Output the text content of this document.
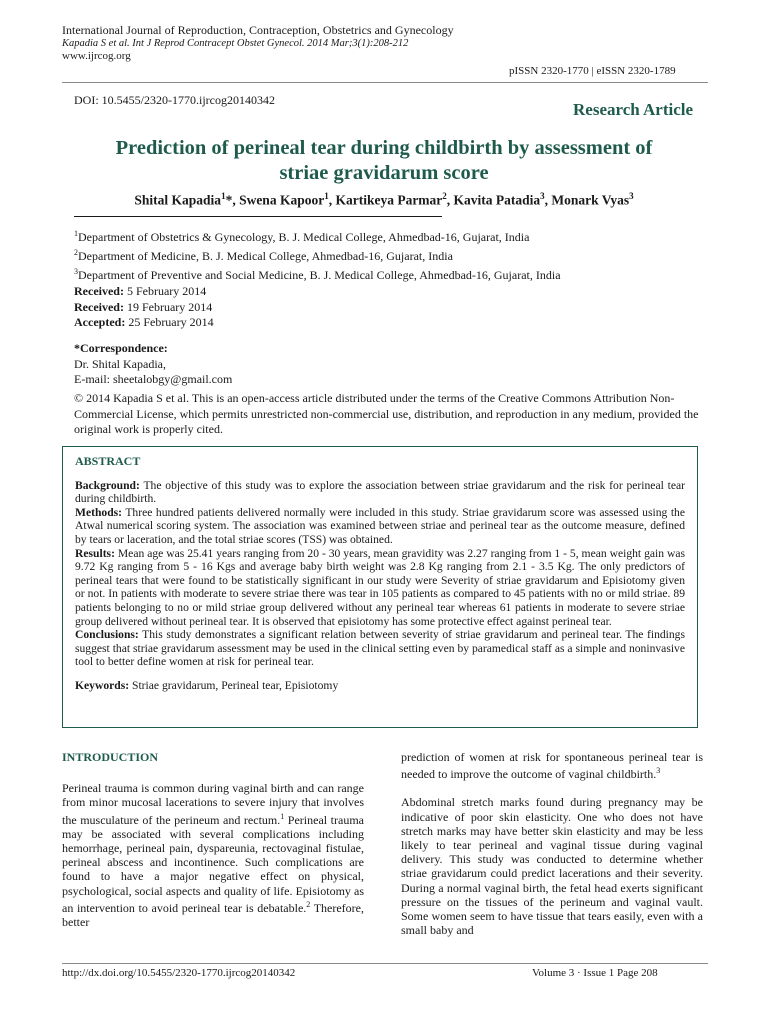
International Journal of Reproduction, Contraception, Obstetrics and Gynecology
Kapadia S et al. Int J Reprod Contracept Obstet Gynecol. 2014 Mar;3(1):208-212
www.ijrcog.org
pISSN 2320-1770 | eISSN 2320-1789
DOI: 10.5455/2320-1770.ijrcog20140342	Research Article
Prediction of perineal tear during childbirth by assessment of
striae gravidarum score
Shital Kapadia$^1$*, Swena Kapoor$^1$, Kartikeya Parmar$^2$, Kavita Patadia$^3$, Monark Vyas$^3$
$^1$Department of Obstetrics & Gynecology, B. J. Medical College, Ahmedbad-16, Gujarat, India
$^2$Department of Medicine, B. J. Medical College, Ahmedbad-16, Gujarat, India
$^3$Department of Preventive and Social Medicine, B. J. Medical College, Ahmedbad-16, Gujarat, India
Received: 5 February 2014
Received: 19 February 2014
Accepted: 25 February 2014
*Correspondence:
Dr. Shital Kapadia,
E-mail: sheetalobgy@gmail.com
© 2014 Kapadia S et al. This is an open-access article distributed under the terms of the Creative Commons Attribution Non-Commercial License, which permits unrestricted non-commercial use, distribution, and reproduction in any medium, provided the original work is properly cited.
ABSTRACT

Background: The objective of this study was to explore the association between striae gravidarum and the risk for perineal tear during childbirth.

Methods: Three hundred patients delivered normally were included in this study. Striae gravidarum score was assessed using the Atwal numerical scoring system. The association was examined between striae and perineal tear as the outcome measure, defined by tears or laceration, and the total striae scores (TSS) was obtained.

Results: Mean age was 25.41 years ranging from 20 - 30 years, mean gravidity was 2.27 ranging from 1 - 5, mean weight gain was 9.72 Kg ranging from 5 - 16 Kgs and average baby birth weight was 2.8 Kg ranging from 2.1 - 3.5 Kg. The only predictors of perineal tears that were found to be statistically significant in our study were Severity of striae gravidarum and Episiotomy given or not. In patients with moderate to severe striae there was tear in 105 patients as compared to 45 patients with no or mild striae. 89 patients belonging to no or mild striae group delivered without any perineal tear whereas 61 patients in moderate to severe striae group delivered without perineal tear. It is observed that episiotomy has some protective effect against perineal tear.

Conclusions: This study demonstrates a significant relation between severity of striae gravidarum and perineal tear. The findings suggest that striae gravidarum assessment may be used in the clinical setting even by paramedical staff as a simple and noninvasive tool to better define women at risk for perineal tear.

Keywords: Striae gravidarum, Perineal tear, Episiotomy

INTRODUCTION

Perineal trauma is common during vaginal birth and can range from minor mucosal lacerations to severe injury that involves the musculature of the perineum and rectum.$^1$ Perineal trauma may be associated with several complications including hemorrhage, perineal pain, dyspareunia, rectovaginal fistulae, perineal abscess and incontinence. Such complications are found to have a major negative effect on physical, psychological, social aspects and quality of life. Episiotomy as an intervention to avoid perineal tear is debatable.$^2$ Therefore, better

prediction of women at risk for spontaneous perineal tear is needed to improve the outcome of vaginal childbirth.$^3$

Abdominal stretch marks found during pregnancy may be indicative of poor skin elasticity. One who does not have stretch marks may have better skin elasticity and may be less likely to tear perineal and vaginal tissue during vaginal delivery. This study was conducted to determine whether striae gravidarum could predict lacerations and their severity. During a normal vaginal birth, the fetal head exerts significant pressure on the tissues of the perineum and vaginal vault. Some women seem to have tissue that tears easily, even with a small baby and

http://dx.doi.org/10.5455/2320-1770.ijrcog20140342	Volume 3 · Issue 1 Page 208
